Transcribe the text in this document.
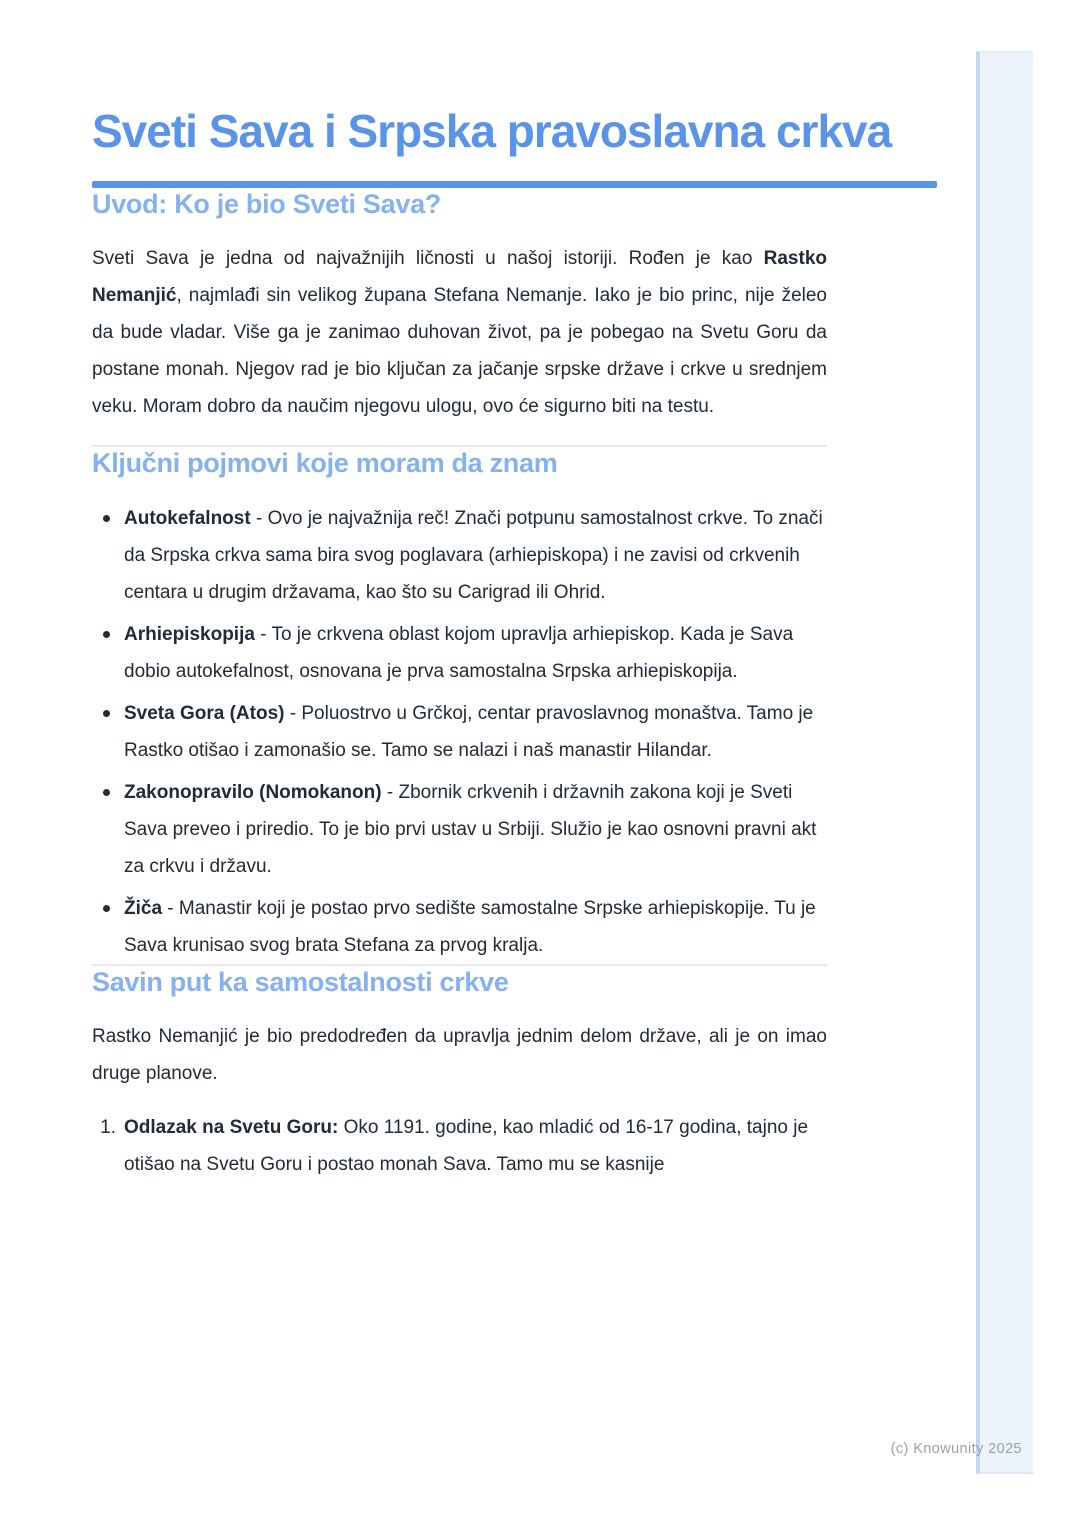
Sveti Sava i Srpska pravoslavna crkva
Uvod: Ko je bio Sveti Sava?

Sveti Sava je jedna od najvažnijih ličnosti u našoj istoriji. Rođen je kao Rastko Nemanjić, najmlađi sin velikog župana Stefana Nemanje. Iako je bio princ, nije želeo da bude vladar. Više ga je zanimao duhovan život, pa je pobegao na Svetu Goru da postane monah. Njegov rad je bio ključan za jačanje srpske države i crkve u srednjem veku. Moram dobro da naučim njegovu ulogu, ovo će sigurno biti na testu.

Ključni pojmovi koje moram da znam
Autokefalnost - Ovo je najvažnija reč! Znači potpunu samostalnost crkve. To znači da Srpska crkva sama bira svog poglavara (arhiepiskopa) i ne zavisi od crkvenih centara u drugim državama, kao što su Carigrad ili Ohrid.
Arhiepiskopija - To je crkvena oblast kojom upravlja arhiepiskop. Kada je Sava dobio autokefalnost, osnovana je prva samostalna Srpska arhiepiskopija.
Sveta Gora (Atos) - Poluostrvo u Grčkoj, centar pravoslavnog monaštva. Tamo je Rastko otišao i zamonašio se. Tamo se nalazi i naš manastir Hilandar.
Zakonopravilo (Nomokanon) - Zbornik crkvenih i državnih zakona koji je Sveti Sava preveo i priredio. To je bio prvi ustav u Srbiji. Služio je kao osnovni pravni akt za crkvu i državu.
Žiča - Manastir koji je postao prvo sedište samostalne Srpske arhiepiskopije. Tu je Sava krunisao svog brata Stefana za prvog kralja.
Savin put ka samostalnosti crkve

Rastko Nemanjić je bio predodređen da upravlja jednim delom države, ali je on imao druge planove.

1. Odlazak na Svetu Goru: Oko 1191. godine, kao mladić od 16-17 godina, tajno je otišao na Svetu Goru i postao monah Sava. Tamo mu se kasnije
(c) Knowunity 2025
